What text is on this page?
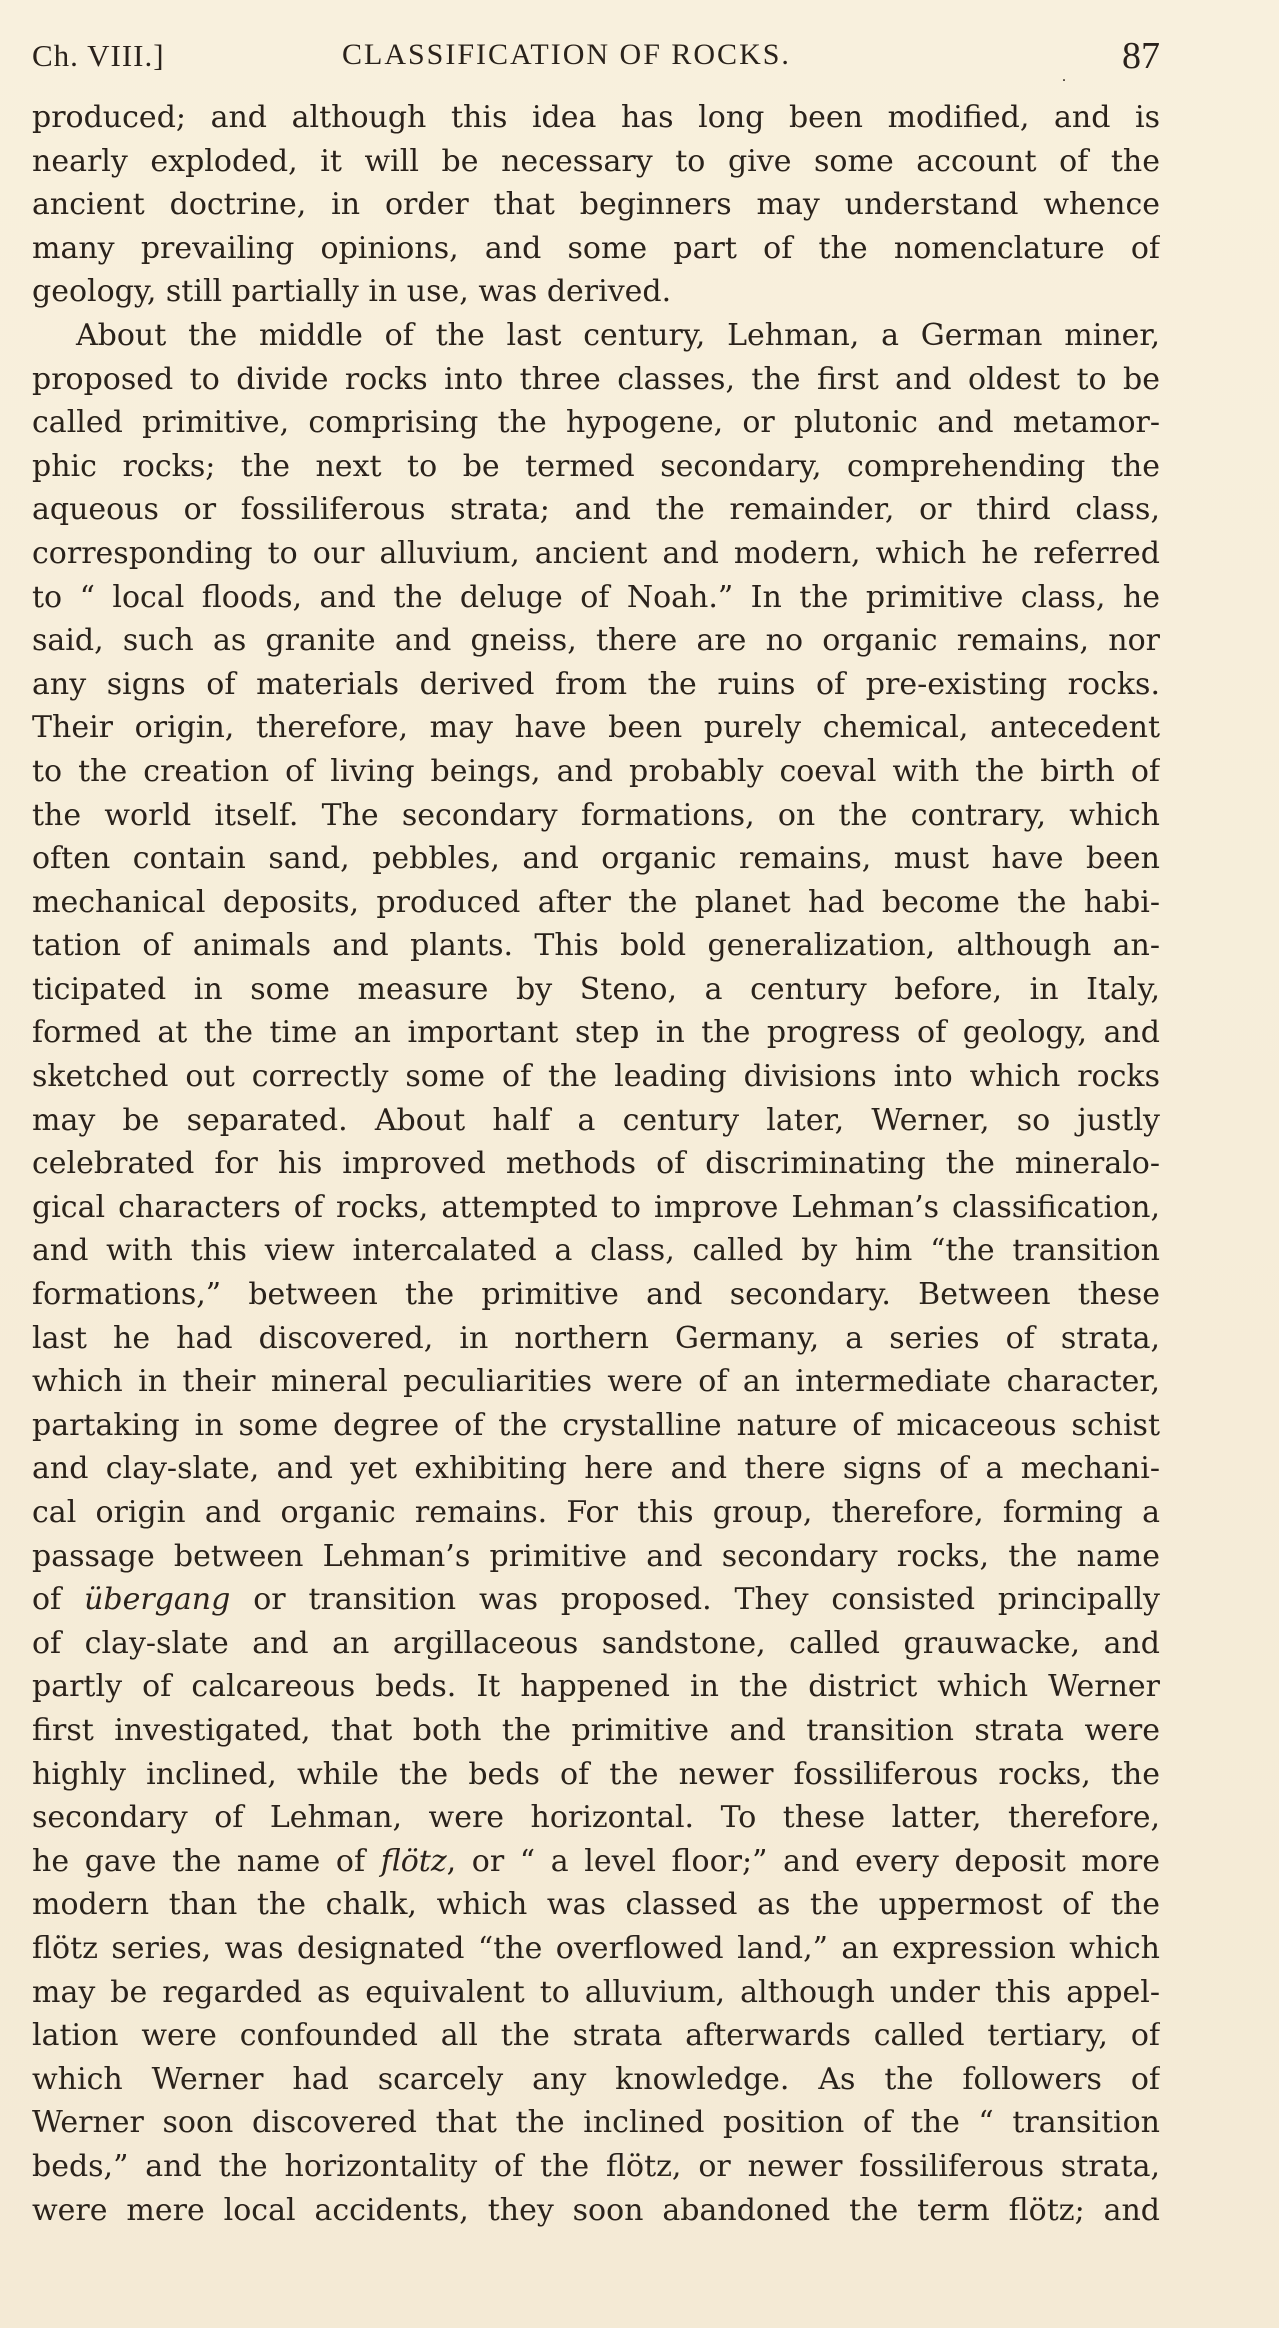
Ch. VIII.]	CLASSIFICATION OF ROCKS.
. 87
produced; and although this idea has long been modified, and is
nearly exploded, it will be necessary to give some account of the
ancient doctrine, in order that beginners may understand whence
many prevailing opinions, and some part of the nomenclature of
geology, still partially in use, was derived.
About the middle of the last century, Lehman, a German miner,
proposed to divide rocks into three classes, the first and oldest to be
called primitive, comprising the hypogene, or plutonic and metamor-
phic rocks; the next to be termed secondary, comprehending the
aqueous or fossiliferous strata; and the remainder, or third class,
corresponding to our alluvium, ancient and modern, which he referred
to “ local floods, and the deluge of Noah.” In the primitive class, he
said, such as granite and gneiss, there are no organic remains, nor
any signs of materials derived from the ruins of pre-existing rocks.
Their origin, therefore, may have been purely chemical, antecedent
to the creation of living beings, and probably coeval with the birth of
the world itself. The secondary formations, on the contrary, which
often contain sand, pebbles, and organic remains, must have been
mechanical deposits, produced after the planet had become the habi-
tation of animals and plants. This bold generalization, although an-
ticipated in some measure by Steno, a century before, in Italy,
formed at the time an important step in the progress of geology, and
sketched out correctly some of the leading divisions into which rocks
may be separated. About half a century later, Werner, so justly
celebrated for his improved methods of discriminating the mineralo-
gical characters of rocks, attempted to improve Lehman’s classification,
and with this view intercalated a class, called by him “the transition
formations,” between the primitive and secondary. Between these
last he had discovered, in northern Germany, a series of strata,
which in their mineral peculiarities were of an intermediate character,
partaking in some degree of the crystalline nature of micaceous schist
and clay-slate, and yet exhibiting here and there signs of a mechani-
cal origin and organic remains. For this group, therefore, forming a
passage between Lehman’s primitive and secondary rocks, the name
of übergang or transition was proposed. They consisted principally
of clay-slate and an argillaceous sandstone, called grauwacke, and
partly of calcareous beds. It happened in the district which Werner
first investigated, that both the primitive and transition strata were
highly inclined, while the beds of the newer fossiliferous rocks, the
secondary of Lehman, were horizontal. To these latter, therefore,
he gave the name of flötz, or “ a level floor;” and every deposit more
modern than the chalk, which was classed as the uppermost of the
flötz series, was designated “the overflowed land,” an expression which
may be regarded as equivalent to alluvium, although under this appel-
lation were confounded all the strata afterwards called tertiary, of
which Werner had scarcely any knowledge. As the followers of
Werner soon discovered that the inclined position of the “ transition
beds,” and the horizontality of the flötz, or newer fossiliferous strata,
were mere local accidents, they soon abandoned the term flötz; and
